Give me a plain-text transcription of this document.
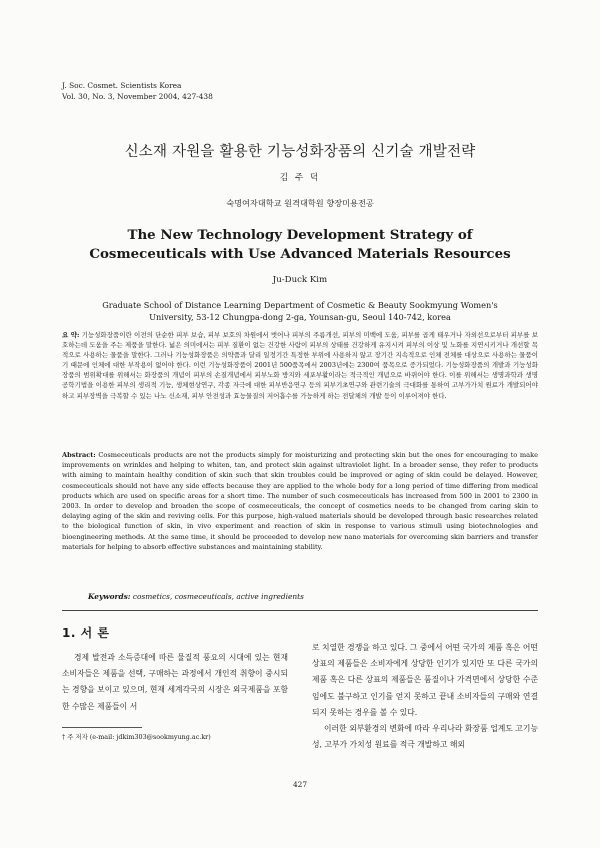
J. Soc. Cosmet. Scientists Korea
Vol. 30, No. 3, November 2004, 427-438
신소재 자원을 활용한 기능성화장품의 신기술 개발전략
김 주 덕
숙명여자대학교 원격대학원 향장미용전공
The New Technology Development Strategy of Cosmeceuticals with Use Advanced Materials Resources
Ju-Duck Kim
Graduate School of Distance Learning Department of Cosmetic & Beauty Sookmyung Women's University, 53-12 Chungpa-dong 2-ga, Younsan-gu, Seoul 140-742, korea
요 약: 기능성화장품이란 이전의 단순한 피부 보습, 피부 보호의 차원에서 벗어나 피부의 주름개선, 피부의 미백에 도움, 피부를 곱게 태우거나 자외선으로부터 피부를 보호하는데 도움을 주는 제품을 말한다. 넓은 의미에서는 피부 질환이 없는 건강한 사람이 피부의 상태를 건강하게 유지시켜 피부의 이상 및 노화를 지연시키거나 개선할 목적으로 사용하는 물품을 말한다. 그러나 기능성화장품은 의약품과 달리 일정기간 특정한 부위에 사용하지 않고 장기간 지속적으로 인체 전체를 대상으로 사용하는 물품이기 때문에 인체에 대한 부작용이 없어야 한다. 이런 기능성화장품이 2001년 500품목에서 2003년에는 2300여 품목으로 증가되었다. 기능성화장품의 개발과 기능성화장품의 범위확대를 위해서는 화장품의 개념이 피부의 손질개념에서 피부노화 방지와 세포부활이라는 적극적인 개념으로 바뀌어야 한다. 이를 위해서는 생명과학과 생명공학기법을 이용한 피부의 생리적 기능, 생체현상연구, 각종 자극에 대한 피부반응연구 등의 피부기초연구와 관련기술의 극대화를 통하여 고부가가치 원료가 개발되어야 하고 피부장벽을 극복할 수 있는 나노 신소재, 피부 안전성과 효능물질의 저어흡수를 가능하게 하는 전달체의 개발 등이 이루어져야 한다.
Abstract: Cosmeceuticals products are not the products simply for moisturizing and protecting skin but the ones for encouraging to make improvements on wrinkles and helping to whiten, tan, and protect skin against ultraviolet light. In a broader sense, they refer to products with aiming to maintain healthy condition of skin such that skin troubles could be improved or aging of skin could be delayed. However, cosmeceuticals should not have any side effects because they are applied to the whole body for a long period of time differing from medical products which are used on specific areas for a short time. The number of such cosmeceuticals has increased from 500 in 2001 to 2300 in 2003. In order to develop and broaden the scope of cosmeceuticals, the concept of cosmetics needs to be changed from caring skin to delaying aging of the skin and reviving cells. For this purpose, high-valued materials should be developed through basic researches related to the biological function of skin, in vivo experiment and reaction of skin in response to various stimuli using biotechnologies and bioengineering methods. At the same time, it should be proceeded to develop new nano materials for overcoming skin barriers and transfer materials for helping to absorb effective substances and maintaining stability.
Keywords: cosmetics, cosmeceuticals, active ingredients
1. 서 론
경제 발전과 소득증대에 따른 물질적 풍요의 시대에 있는 현재 소비자들은 제품을 선택, 구매하는 과정에서 개인적 취향이 중시되는 경향을 보이고 있으며, 현재 세계각국의 시장은 외국제품을 포함한 수많은 제품들이 서
로 치열한 경쟁을 하고 있다. 그 중에서 어떤 국가의 제품 혹은 어떤 상표의 제품들은 소비자에게 상당한 인기가 있지만 또 다른 국가의 제품 혹은 다른 상표의 제품들은 품질이나 가격면에서 상당한 수준임에도 불구하고 인기를 얻지 못하고 끝내 소비자들의 구매와 연결되지 못하는 경우를 볼 수 있다.
이러한 외부환경의 변화에 따라 우리나라 화장품 업계도 고기능성, 고부가 가치성 원료를 적극 개발하고 해외
† 주 저자 (e-mail: jdkim303@sookmyung.ac.kr)
427
